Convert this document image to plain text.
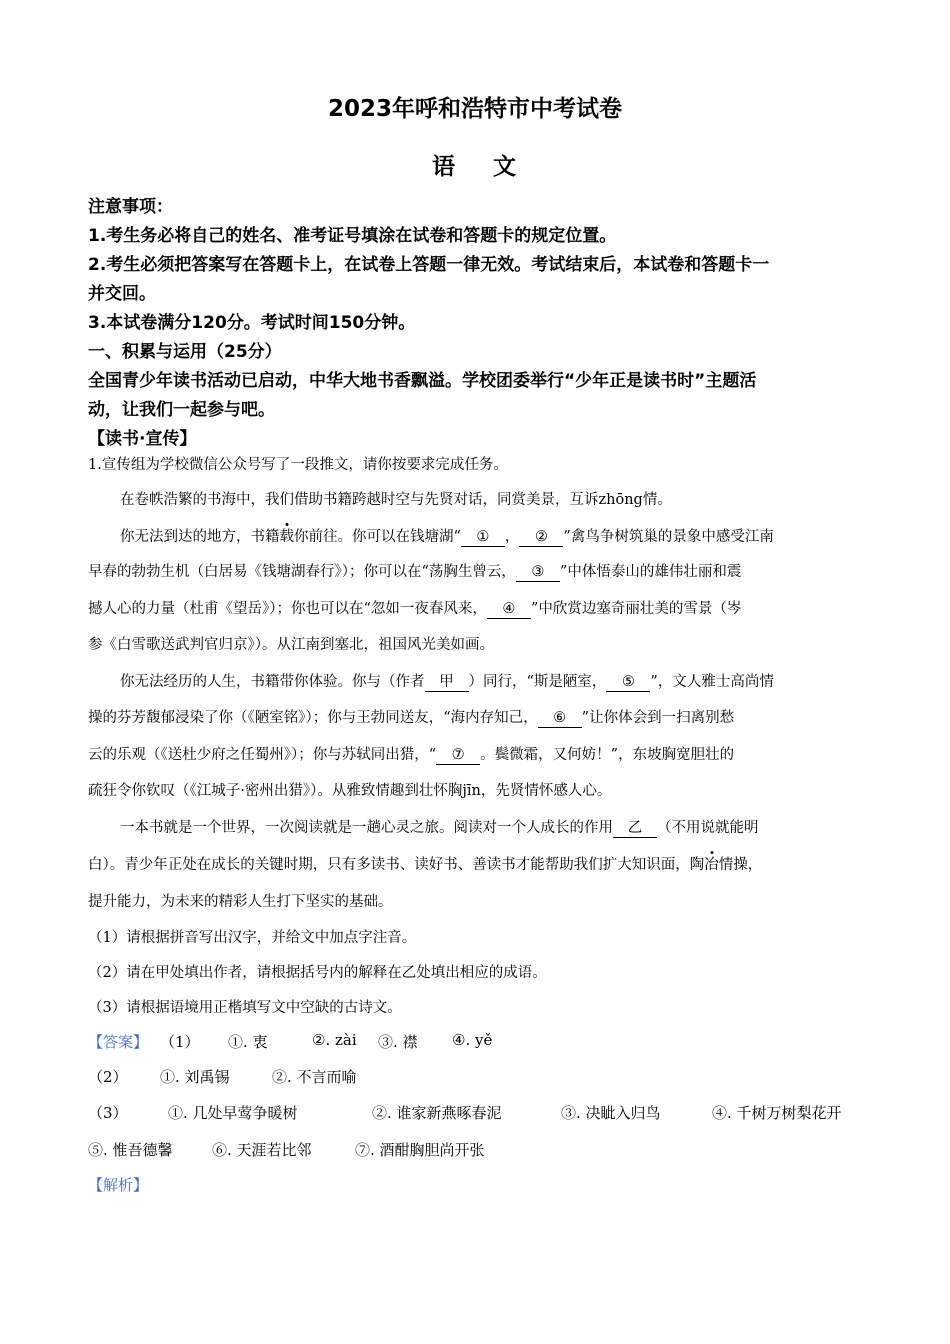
2023年呼和浩特市中考试卷
语 文
注意事项：
1.考生务必将自己的姓名、准考证号填涂在试卷和答题卡的规定位置。
2.考生必须把答案写在答题卡上，在试卷上答题一律无效。考试结束后，本试卷和答题卡一
并交回。
3.本试卷满分120分。考试时间150分钟。
一、积累与运用（25分）
全国青少年读书活动已启动，中华大地书香飘溢。学校团委举行“少年正是读书时”主题活
动，让我们一起参与吧。
【读书·宣传】
1.宣传组为学校微信公众号写了一段推文，请你按要求完成任务。
在卷帙浩繁的书海中，我们借助书籍跨越时空与先贤对话，同赏美景，互诉zhōng情。
你无法到达的地方，书籍载你前往。你可以在钱塘湖“ ① ， ② ”禽鸟争树筑巢的景象中感受江南
早春的勃勃生机（白居易《钱塘湖春行》）；你可以在“荡胸生曾云， ③ ”中体悟泰山的雄伟壮丽和震
撼人心的力量（杜甫《望岳》）；你也可以在“忽如一夜春风来， ④ ”中欣赏边塞奇丽壮美的雪景（岑
参《白雪歌送武判官归京》）。从江南到塞北，祖国风光美如画。
你无法经历的人生，书籍带你体验。你与（作者 甲 ）同行，“斯是陋室， ⑤ ”，文人雅士高尚情
操的芬芳馥郁浸染了你（《陋室铭》）；你与王勃同送友，“海内存知己， ⑥ ”让你体会到一扫离别愁
云的乐观（《送杜少府之任蜀州》）；你与苏轼同出猎，“ ⑦ 。鬓微霜，又何妨！”，东坡胸宽胆壮的
疏狂令你钦叹（《江城子·密州出猎》）。从雅致情趣到壮怀胸jīn，先贤情怀感人心。
一本书就是一个世界，一次阅读就是一趟心灵之旅。阅读对一个人成长的作用 乙 （不用说就能明
白）。青少年正处在成长的关键时期，只有多读书、读好书、善读书才能帮助我们扩大知识面，陶冶情操，
提升能力，为未来的精彩人生打下坚实的基础。
（1）请根据拼音写出汉字，并给文中加点字注音。
（2）请在甲处填出作者，请根据括号内的解释在乙处填出相应的成语。
（3）请根据语境用正楷填写文中空缺的古诗文。
【答案】 （1） ①. 衷	②. zài ③. 襟 ④. yě
（2） ①. 刘禹锡	②. 不言而喻
（3）	①. 几处早莺争暖树	②. 谁家新燕啄春泥	③. 决眦入归鸟	④. 千树万树梨花开
⑤. 惟吾德馨	⑥. 天涯若比邻	⑦. 酒酣胸胆尚开张
【解析】
